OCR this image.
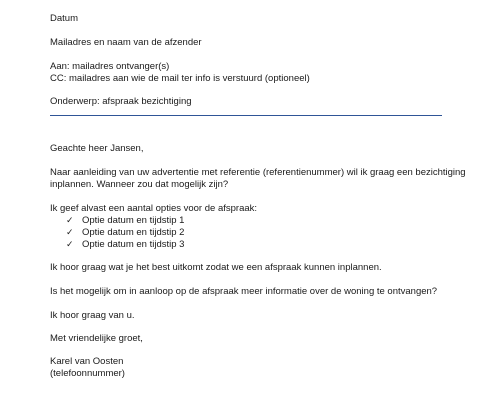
Datum
Mailadres en naam van de afzender
Aan: mailadres ontvanger(s)
CC: mailadres aan wie de mail ter info is verstuurd (optioneel)
Onderwerp: afspraak bezichtiging
Geachte heer Jansen,
Naar aanleiding van uw advertentie met referentie (referentienummer) wil ik graag een bezichtiging
inplannen. Wanneer zou dat mogelijk zijn?
Ik geef alvast een aantal opties voor de afspraak:
✓ Optie datum en tijdstip 1
✓ Optie datum en tijdstip 2
✓ Optie datum en tijdstip 3
Ik hoor graag wat je het best uitkomt zodat we een afspraak kunnen inplannen.
Is het mogelijk om in aanloop op de afspraak meer informatie over de woning te ontvangen?
Ik hoor graag van u.
Met vriendelijke groet,
Karel van Oosten
(telefoonnummer)
